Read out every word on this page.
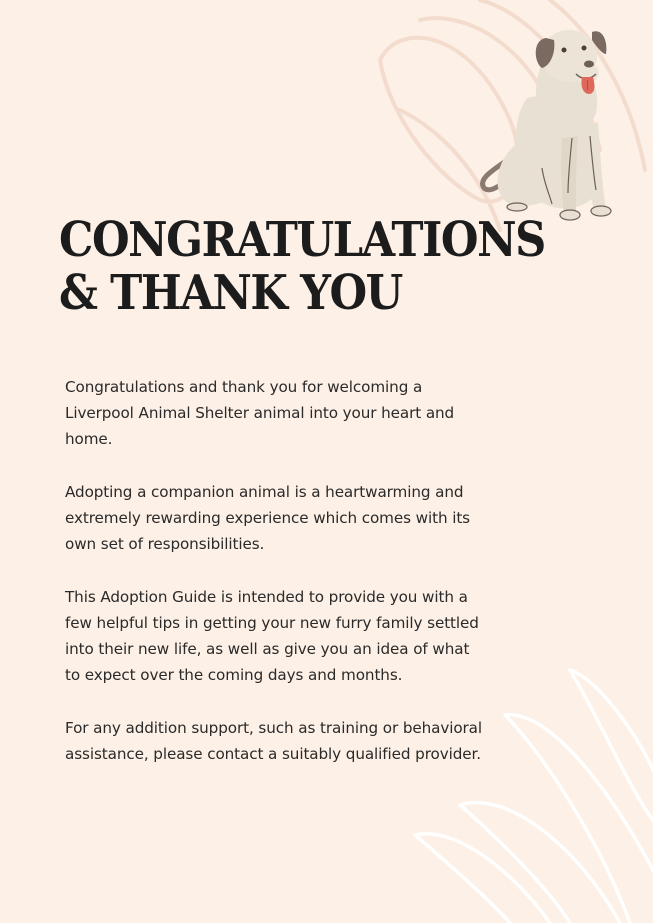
CONGRATULATIONS
& THANK YOU

Congratulations and thank you for welcoming a Liverpool Animal Shelter animal into your heart and home.

Adopting a companion animal is a heartwarming and extremely rewarding experience which comes with its own set of responsibilities.

This Adoption Guide is intended to provide you with a few helpful tips in getting your new furry family settled into their new life, as well as give you an idea of what to expect over the coming days and months.

For any addition support, such as training or behavioral assistance, please contact a suitably qualified provider.
